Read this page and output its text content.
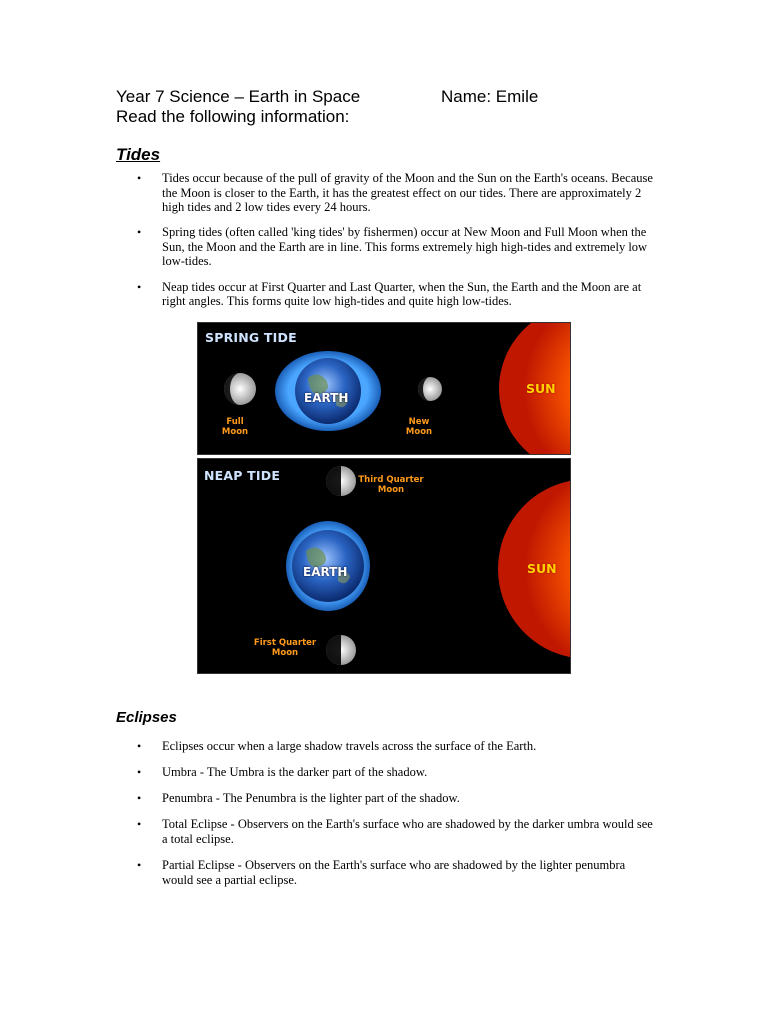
Year 7 Science – Earth in Space	Name: Emile
Read the following information:
Tides
• Tides occur because of the pull of gravity of the Moon and the Sun on the Earth's oceans. Because the Moon is closer to the Earth, it has the greatest effect on our tides. There are approximately 2 high tides and 2 low tides every 24 hours.
• Spring tides (often called 'king tides' by fishermen) occur at New Moon and Full Moon when the Sun, the Moon and the Earth are in line. This forms extremely high high-tides and extremely low low-tides.
• Neap tides occur at First Quarter and Last Quarter, when the Sun, the Earth and the Moon are at right angles. This forms quite low high-tides and quite high low-tides.
SPRING TIDE
EARTH
SUN
Full
Moon
New
Moon
NEAP TIDE
EARTH	SUN
Third Quarter
Moon
First Quarter
Moon
Eclipses
• Eclipses occur when a large shadow travels across the surface of the Earth.
• Umbra - The Umbra is the darker part of the shadow.
• Penumbra - The Penumbra is the lighter part of the shadow.
• Total Eclipse - Observers on the Earth's surface who are shadowed by the darker umbra would see a total eclipse.
• Partial Eclipse - Observers on the Earth's surface who are shadowed by the lighter penumbra would see a partial eclipse.
